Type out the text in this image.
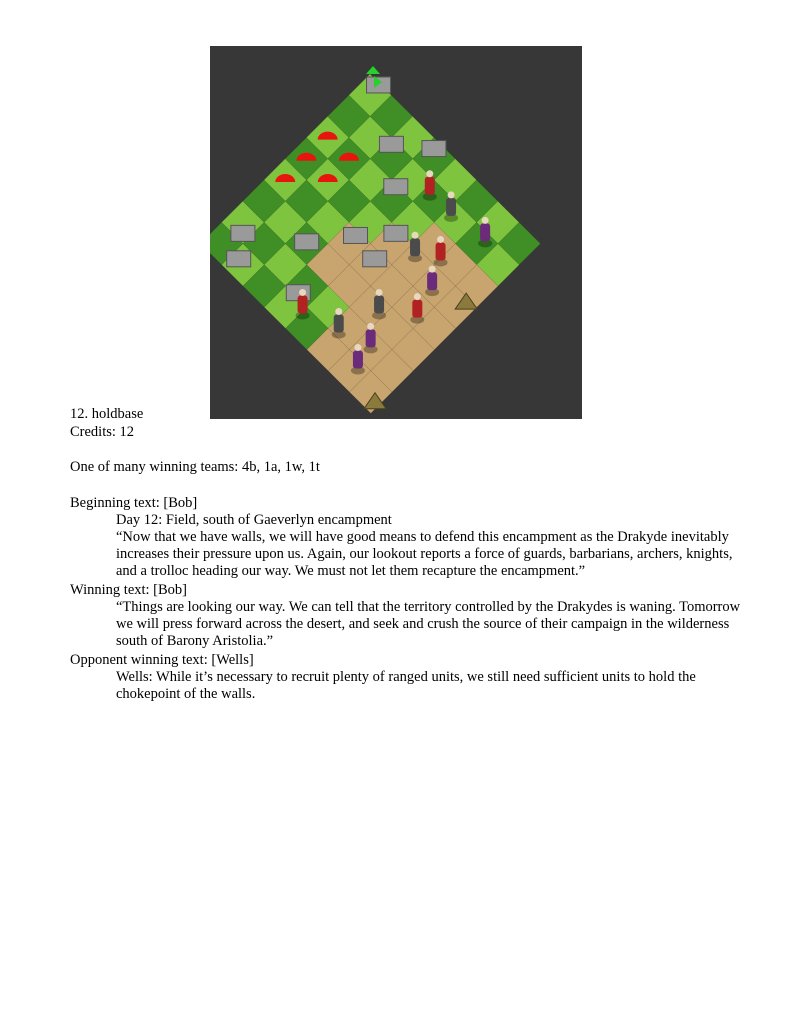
12. holdbase
Credits: 12
One of many winning teams: 4b, 1a, 1w, 1t
Beginning text: [Bob]
Day 12: Field, south of Gaeverlyn encampment
“Now that we have walls, we will have good means to defend this encampment as the Drakyde inevitably increases their pressure upon us. Again, our lookout reports a force of guards, barbarians, archers, knights, and a trolloc heading our way. We must not let them recapture the encampment.”
Winning text: [Bob]
“Things are looking our way. We can tell that the territory controlled by the Drakydes is waning. Tomorrow we will press forward across the desert, and seek and crush the source of their campaign in the wilderness south of Barony Aristolia.”
Opponent winning text: [Wells]
Wells: While it’s necessary to recruit plenty of ranged units, we still need sufficient units to hold the chokepoint of the walls.
